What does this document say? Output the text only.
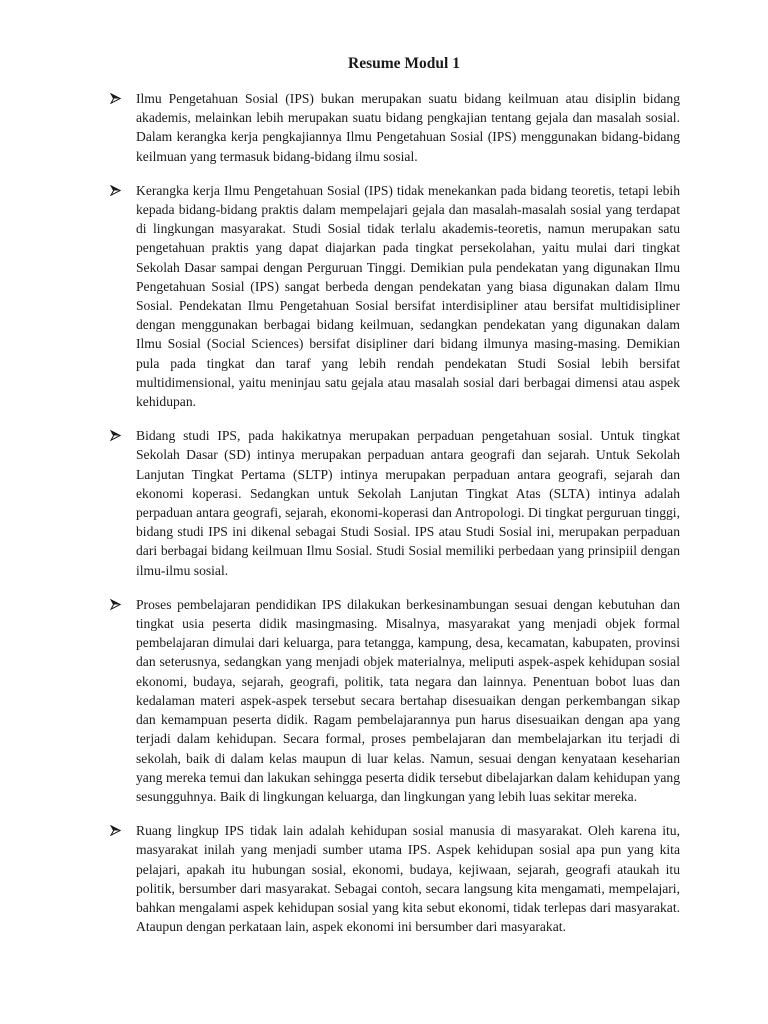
Resume Modul 1

Ilmu Pengetahuan Sosial (IPS) bukan merupakan suatu bidang keilmuan atau disiplin bidang akademis, melainkan lebih merupakan suatu bidang pengkajian tentang gejala dan masalah sosial. Dalam kerangka kerja pengkajiannya Ilmu Pengetahuan Sosial (IPS) menggunakan bidang-bidang keilmuan yang termasuk bidang-bidang ilmu sosial.

Kerangka kerja Ilmu Pengetahuan Sosial (IPS) tidak menekankan pada bidang teoretis, tetapi lebih kepada bidang-bidang praktis dalam mempelajari gejala dan masalah-masalah sosial yang terdapat di lingkungan masyarakat. Studi Sosial tidak terlalu akademis-teoretis, namun merupakan satu pengetahuan praktis yang dapat diajarkan pada tingkat persekolahan, yaitu mulai dari tingkat Sekolah Dasar sampai dengan Perguruan Tinggi. Demikian pula pendekatan yang digunakan Ilmu Pengetahuan Sosial (IPS) sangat berbeda dengan pendekatan yang biasa digunakan dalam Ilmu Sosial. Pendekatan Ilmu Pengetahuan Sosial bersifat interdisipliner atau bersifat multidisipliner dengan menggunakan berbagai bidang keilmuan, sedangkan pendekatan yang digunakan dalam Ilmu Sosial (Social Sciences) bersifat disipliner dari bidang ilmunya masing-masing. Demikian pula pada tingkat dan taraf yang lebih rendah pendekatan Studi Sosial lebih bersifat multidimensional, yaitu meninjau satu gejala atau masalah sosial dari berbagai dimensi atau aspek kehidupan.

Bidang studi IPS, pada hakikatnya merupakan perpaduan pengetahuan sosial. Untuk tingkat Sekolah Dasar (SD) intinya merupakan perpaduan antara geografi dan sejarah. Untuk Sekolah Lanjutan Tingkat Pertama (SLTP) intinya merupakan perpaduan antara geografi, sejarah dan ekonomi koperasi. Sedangkan untuk Sekolah Lanjutan Tingkat Atas (SLTA) intinya adalah perpaduan antara geografi, sejarah, ekonomi-koperasi dan Antropologi. Di tingkat perguruan tinggi, bidang studi IPS ini dikenal sebagai Studi Sosial. IPS atau Studi Sosial ini, merupakan perpaduan dari berbagai bidang keilmuan Ilmu Sosial. Studi Sosial memiliki perbedaan yang prinsipiil dengan ilmu-ilmu sosial.

Proses pembelajaran pendidikan IPS dilakukan berkesinambungan sesuai dengan kebutuhan dan tingkat usia peserta didik masingmasing. Misalnya, masyarakat yang menjadi objek formal pembelajaran dimulai dari keluarga, para tetangga, kampung, desa, kecamatan, kabupaten, provinsi dan seterusnya, sedangkan yang menjadi objek materialnya, meliputi aspek-aspek kehidupan sosial ekonomi, budaya, sejarah, geografi, politik, tata negara dan lainnya. Penentuan bobot luas dan kedalaman materi aspek-aspek tersebut secara bertahap disesuaikan dengan perkembangan sikap dan kemampuan peserta didik. Ragam pembelajarannya pun harus disesuaikan dengan apa yang terjadi dalam kehidupan. Secara formal, proses pembelajaran dan membelajarkan itu terjadi di sekolah, baik di dalam kelas maupun di luar kelas. Namun, sesuai dengan kenyataan keseharian yang mereka temui dan lakukan sehingga peserta didik tersebut dibelajarkan dalam kehidupan yang sesungguhnya. Baik di lingkungan keluarga, dan lingkungan yang lebih luas sekitar mereka.

Ruang lingkup IPS tidak lain adalah kehidupan sosial manusia di masyarakat. Oleh karena itu, masyarakat inilah yang menjadi sumber utama IPS. Aspek kehidupan sosial apa pun yang kita pelajari, apakah itu hubungan sosial, ekonomi, budaya, kejiwaan, sejarah, geografi ataukah itu politik, bersumber dari masyarakat. Sebagai contoh, secara langsung kita mengamati, mempelajari, bahkan mengalami aspek kehidupan sosial yang kita sebut ekonomi, tidak terlepas dari masyarakat. Ataupun dengan perkataan lain, aspek ekonomi ini bersumber dari masyarakat.
